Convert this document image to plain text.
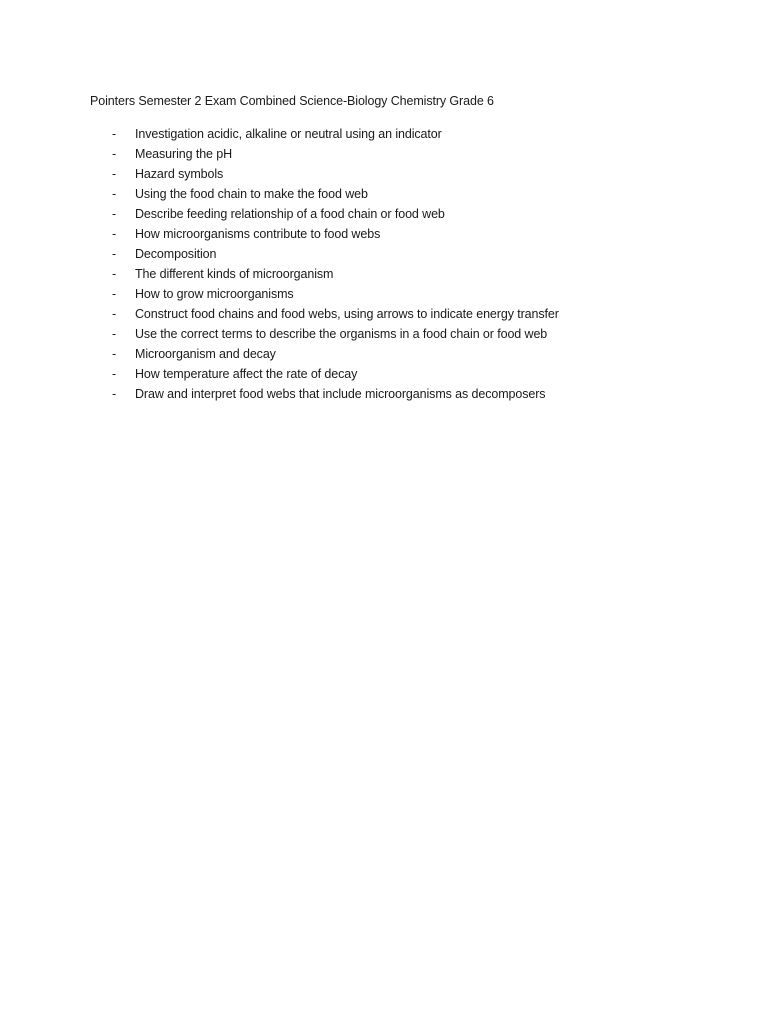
Pointers Semester 2 Exam Combined Science-Biology Chemistry Grade 6
- Investigation acidic, alkaline or neutral using an indicator
- Measuring the pH
- Hazard symbols
- Using the food chain to make the food web
- Describe feeding relationship of a food chain or food web
- How microorganisms contribute to food webs
- Decomposition
- The different kinds of microorganism
- How to grow microorganisms
- Construct food chains and food webs, using arrows to indicate energy transfer
- Use the correct terms to describe the organisms in a food chain or food web
- Microorganism and decay
- How temperature affect the rate of decay
- Draw and interpret food webs that include microorganisms as decomposers
